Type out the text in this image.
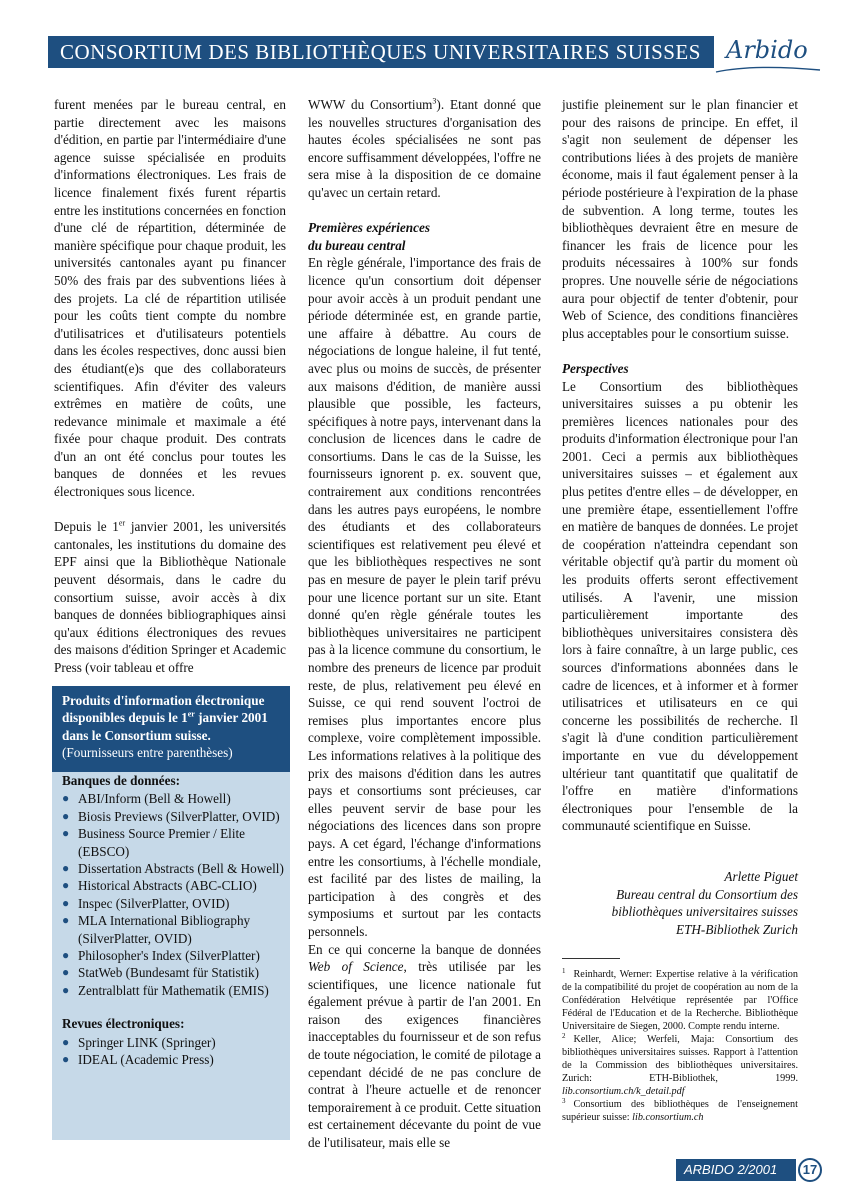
CONSORTIUM DES BIBLIOTHÈQUES UNIVERSITAIRES SUISSES Arbido

furent menées par le bureau central, en partie directement avec les maisons d'édition, en partie par l'intermédiaire d'une agence suisse spécialisée en produits d'informations électroniques. Les frais de licence finalement fixés furent répartis entre les institutions concernées en fonction d'une clé de répartition, déterminée de manière spécifique pour chaque produit, les universités cantonales ayant pu financer 50% des frais par des subventions liées à des projets. La clé de répartition utilisée pour les coûts tient compte du nombre d'utilisatrices et d'utilisateurs potentiels dans les écoles respectives, donc aussi bien des étudiant(e)s que des collaborateurs scientifiques. Afin d'éviter des valeurs extrêmes en matière de coûts, une redevance minimale et maximale a été fixée pour chaque produit. Des contrats d'un an ont été conclus pour toutes les banques de données et les revues électroniques sous licence.

Depuis le 1er janvier 2001, les universités cantonales, les institutions du domaine des EPF ainsi que la Bibliothèque Nationale peuvent désormais, dans le cadre du consortium suisse, avoir accès à dix banques de données bibliographiques ainsi qu'aux éditions électroniques des revues des maisons d'édition Springer et Academic Press (voir tableau et offre

Produits d'information électronique disponibles depuis le 1er janvier 2001 dans le Consortium suisse.
(Fournisseurs entre parenthèses)
Banques de données:
● ABI/Inform (Bell & Howell)
● Biosis Previews (SilverPlatter, OVID)
● Business Source Premier / Elite (EBSCO)
● Dissertation Abstracts (Bell & Howell)
● Historical Abstracts (ABC-CLIO)
● Inspec (SilverPlatter, OVID)
● MLA International Bibliography (SilverPlatter, OVID)
● Philosopher's Index (SilverPlatter)
● StatWeb (Bundesamt für Statistik)
● Zentralblatt für Mathematik (EMIS)
Revues électroniques:
● Springer LINK (Springer)
● IDEAL (Academic Press)

WWW du Consortium$^3$). Etant donné que les nouvelles structures d'organisation des hautes écoles spécialisées ne sont pas encore suffisamment développées, l'offre ne sera mise à la disposition de ce domaine qu'avec un certain retard.

Premières expériences
du bureau central

En règle générale, l'importance des frais de licence qu'un consortium doit dépenser pour avoir accès à un produit pendant une période déterminée est, en grande partie, une affaire à débattre. Au cours de négociations de longue haleine, il fut tenté, avec plus ou moins de succès, de présenter aux maisons d'édition, de manière aussi plausible que possible, les facteurs, spécifiques à notre pays, intervenant dans la conclusion de licences dans le cadre de consortiums. Dans le cas de la Suisse, les fournisseurs ignorent p. ex. souvent que, contrairement aux conditions rencontrées dans les autres pays européens, le nombre des étudiants et des collaborateurs scientifiques est relativement peu élevé et que les bibliothèques respectives ne sont pas en mesure de payer le plein tarif prévu pour une licence portant sur un site. Etant donné qu'en règle générale toutes les bibliothèques universitaires ne participent pas à la licence commune du consortium, le nombre des preneurs de licence par produit reste, de plus, relativement peu élevé en Suisse, ce qui rend souvent l'octroi de remises plus importantes encore plus complexe, voire complètement impossible. Les informations relatives à la politique des prix des maisons d'édition dans les autres pays et consortiums sont précieuses, car elles peuvent servir de base pour les négociations des licences dans son propre pays. A cet égard, l'échange d'informations entre les consortiums, à l'échelle mondiale, est facilité par des listes de mailing, la participation à des congrès et des symposiums et surtout par les contacts personnels.

En ce qui concerne la banque de données Web of Science, très utilisée par les scientifiques, une licence nationale fut également prévue à partir de l'an 2001. En raison des exigences financières inacceptables du fournisseur et de son refus de toute négociation, le comité de pilotage a cependant décidé de ne pas conclure de contrat à l'heure actuelle et de renoncer temporairement à ce produit. Cette situation est certainement décevante du point de vue de l'utilisateur, mais elle se

justifie pleinement sur le plan financier et pour des raisons de principe. En effet, il s'agit non seulement de dépenser les contributions liées à des projets de manière économe, mais il faut également penser à la période postérieure à l'expiration de la phase de subvention. A long terme, toutes les bibliothèques devraient être en mesure de financer les frais de licence pour les produits nécessaires à 100% sur fonds propres. Une nouvelle série de négociations aura pour objectif de tenter d'obtenir, pour Web of Science, des conditions financières plus acceptables pour le consortium suisse.

Perspectives

Le Consortium des bibliothèques universitaires suisses a pu obtenir les premières licences nationales pour des produits d'information électronique pour l'an 2001. Ceci a permis aux bibliothèques universitaires suisses – et également aux plus petites d'entre elles – de développer, en une première étape, essentiellement l'offre en matière de banques de données. Le projet de coopération n'atteindra cependant son véritable objectif qu'à partir du moment où les produits offerts seront effectivement utilisés. A l'avenir, une mission particulièrement importante des bibliothèques universitaires consistera dès lors à faire connaître, à un large public, ces sources d'informations abonnées dans le cadre de licences, et à informer et à former utilisatrices et utilisateurs en ce qui concerne les possibilités de recherche. Il s'agit là d'une condition particulièrement importante en vue du développement ultérieur tant quantitatif que qualitatif de l'offre en matière d'informations électroniques pour l'ensemble de la communauté scientifique en Suisse.

Arlette Piguet
Bureau central du Consortium des
bibliothèques universitaires suisses
ETH-Bibliothek Zurich

$^1$ Reinhardt, Werner: Expertise relative à la vérification de la compatibilité du projet de coopération au nom de la Confédération Helvétique représentée par l'Office Fédéral de l'Education et de la Recherche. Bibliothèque Universitaire de Siegen, 2000. Compte rendu interne.

$^2$ Keller, Alice; Werfeli, Maja: Consortium des bibliothèques universitaires suisses. Rapport à l'attention de la Commission des bibliothèques universitaires. Zurich: ETH-Bibliothek, 1999. lib.consortium.ch/k_detail.pdf

$^3$ Consortium des bibliothèques de l'enseignement supérieur suisse: lib.consortium.ch

ARBIDO 2/2001	17
